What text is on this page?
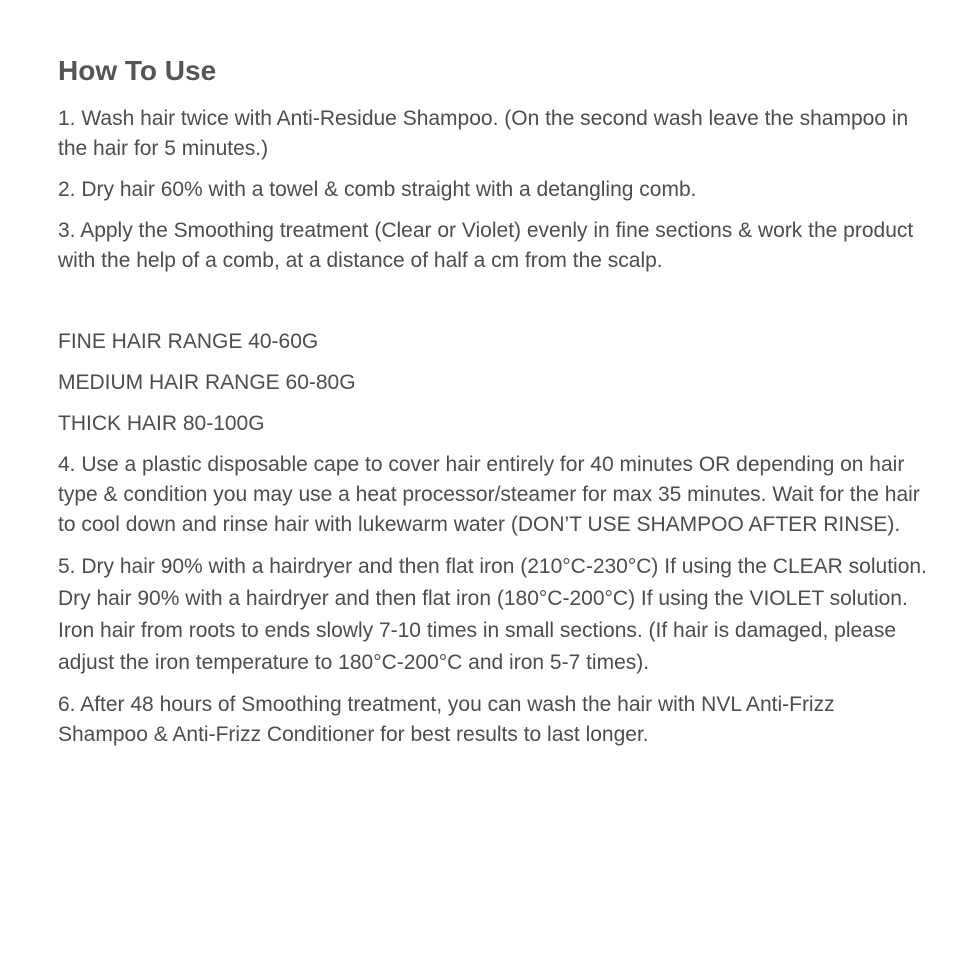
How To Use

1. Wash hair twice with Anti-Residue Shampoo. (On the second wash leave the shampoo in the hair for 5 minutes.)

2. Dry hair 60% with a towel & comb straight with a detangling comb.

3. Apply the Smoothing treatment (Clear or Violet) evenly in fine sections & work the product with the help of a comb, at a distance of half a cm from the scalp.

FINE HAIR RANGE 40-60G

MEDIUM HAIR RANGE 60-80G

THICK HAIR 80-100G

4. Use a plastic disposable cape to cover hair entirely for 40 minutes OR depending on hair type & condition you may use a heat processor/steamer for max 35 minutes. Wait for the hair to cool down and rinse hair with lukewarm water (DON’T USE SHAMPOO AFTER RINSE).

5. Dry hair 90% with a hairdryer and then flat iron (210°C-230°C) If using the CLEAR solution. Dry hair 90% with a hairdryer and then flat iron (180°C-200°C) If using the VIOLET solution. Iron hair from roots to ends slowly 7-10 times in small sections. (If hair is damaged, please adjust the iron temperature to 180°C-200°C and iron 5-7 times).

6. After 48 hours of Smoothing treatment, you can wash the hair with NVL Anti-Frizz Shampoo & Anti-Frizz Conditioner for best results to last longer.
